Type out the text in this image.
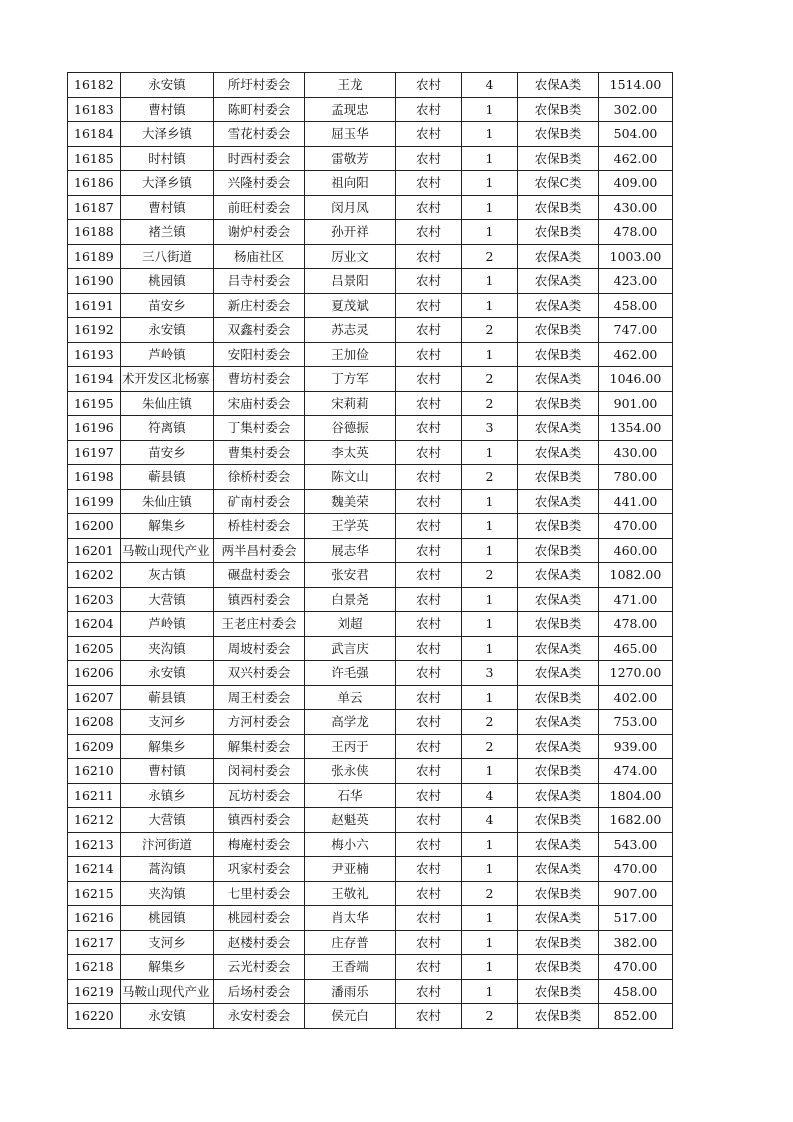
16182	永安镇	所圩村委会	王龙	农村	4	农保A类	1514.00
16183	曹村镇	陈町村委会	孟现忠	农村	1	农保B类	302.00
16184	大泽乡镇	雪花村委会	屈玉华	农村	1	农保B类	504.00
16185	时村镇	时西村委会	雷敬芳	农村	1	农保B类	462.00
16186	大泽乡镇	兴隆村委会	祖向阳	农村	1	农保C类	409.00
16187	曹村镇	前旺村委会	闵月凤	农村	1	农保B类	430.00
16188	褚兰镇	谢炉村委会	孙开祥	农村	1	农保B类	478.00
16189	三八街道	杨庙社区	厉业文	农村	2	农保A类	1003.00
16190	桃园镇	吕寺村委会	吕景阳	农村	1	农保A类	423.00
16191	苗安乡	新庄村委会	夏茂斌	农村	1	农保A类	458.00
16192	永安镇	双鑫村委会	苏志灵	农村	2	农保B类	747.00
16193	芦岭镇	安阳村委会	王加俭	农村	1	农保B类	462.00
16194	术开发区北杨寨	曹坊村委会	丁方军	农村	2	农保A类	1046.00
16195	朱仙庄镇	宋庙村委会	宋莉莉	农村	2	农保B类	901.00
16196	符离镇	丁集村委会	谷德振	农村	3	农保A类	1354.00
16197	苗安乡	曹集村委会	李太英	农村	1	农保A类	430.00
16198	蕲县镇	徐桥村委会	陈文山	农村	2	农保B类	780.00
16199	朱仙庄镇	矿南村委会	魏美荣	农村	1	农保A类	441.00
16200	解集乡	桥桂村委会	王学英	农村	1	农保B类	470.00
16201	马鞍山现代产业	两半昌村委会	展志华	农村	1	农保B类	460.00
16202	灰古镇	碾盘村委会	张安君	农村	2	农保A类	1082.00
16203	大营镇	镇西村委会	白景尧	农村	1	农保A类	471.00
16204	芦岭镇	王老庄村委会	刘超	农村	1	农保B类	478.00
16205	夹沟镇	周坡村委会	武言庆	农村	1	农保A类	465.00
16206	永安镇	双兴村委会	许毛强	农村	3	农保A类	1270.00
16207	蕲县镇	周王村委会	单云	农村	1	农保B类	402.00
16208	支河乡	方河村委会	高学龙	农村	2	农保A类	753.00
16209	解集乡	解集村委会	王丙于	农村	2	农保A类	939.00
16210	曹村镇	闵祠村委会	张永侠	农村	1	农保B类	474.00
16211	永镇乡	瓦坊村委会	石华	农村	4	农保A类	1804.00
16212	大营镇	镇西村委会	赵魁英	农村	4	农保B类	1682.00
16213	汴河街道	梅庵村委会	梅小六	农村	1	农保A类	543.00
16214	蒿沟镇	巩家村委会	尹亚楠	农村	1	农保A类	470.00
16215	夹沟镇	七里村委会	王敬礼	农村	2	农保B类	907.00
16216	桃园镇	桃园村委会	肖太华	农村	1	农保A类	517.00
16217	支河乡	赵楼村委会	庄存普	农村	1	农保B类	382.00
16218	解集乡	云光村委会	王香端	农村	1	农保B类	470.00
16219	马鞍山现代产业	后场村委会	潘雨乐	农村	1	农保B类	458.00
16220	永安镇	永安村委会	侯元白	农村	2	农保B类	852.00
